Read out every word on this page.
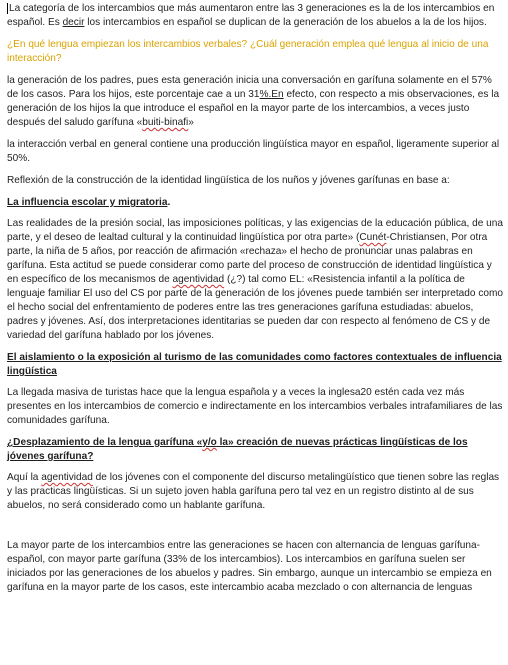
La categoría de los intercambios que más aumentaron entre las 3 generaciones es la de los intercambios en español. Es decir los intercambios en español se duplican de la generación de los abuelos a la de los hijos.

¿En qué lengua empiezan los intercambios verbales? ¿Cuál generación emplea qué lengua al inicio de una interacción?

la generación de los padres, pues esta generación inicia una conversación en garífuna solamente en el 57% de los casos. Para los hijos, este porcentaje cae a un 31%.En efecto, con respecto a mis observaciones, es la generación de los hijos la que introduce el español en la mayor parte de los intercambios, a veces justo después del saludo garífuna «buiti-binafi»

la interacción verbal en general contiene una producción lingüística mayor en español, ligeramente superior al 50%.

Reflexión de la construcción de la identidad lingüística de los nuños y jóvenes garífunas en base a:

La influencia escolar y migratoria.

Las realidades de la presión social, las imposiciones políticas, y las exigencias de la educación pública, de una parte, y el deseo de lealtad cultural y la continuidad lingüística por otra parte» (Cunét-Christiansen, Por otra parte, la niña de 5 años, por reacción de afirmación «rechaza» el hecho de pronunciar unas palabras en garífuna. Esta actitud se puede considerar como parte del proceso de construcción de identidad lingüística y en específico de los mecanismos de agentividad (¿?) tal como EL: «Resistencia infantil a la política de lenguaje familiar El uso del CS por parte de la generación de los jóvenes puede también ser interpretado como el hecho social del enfrentamiento de poderes entre las tres generaciones garífuna estudiadas: abuelos, padres y jóvenes. Así, dos interpretaciones identitarias se pueden dar con respecto al fenómeno de CS y de variedad del garífuna hablado por los jóvenes.

El aislamiento o la exposición al turismo de las comunidades como factores contextuales de influencia lingüística

La llegada masiva de turistas hace que la lengua española y a veces la inglesa20 estén cada vez más presentes en los intercambios de comercio e indirectamente en los intercambios verbales intrafamiliares de las comunidades garífuna.

¿Desplazamiento de la lengua garífuna «y/o la» creación de nuevas prácticas lingüísticas de los jóvenes garífuna?

Aquí la agentividad de los jóvenes con el componente del discurso metalingüístico que tienen sobre las reglas y las practicas lingüísticas. Si un sujeto joven habla garífuna pero tal vez en un registro distinto al de sus abuelos, no será considerado como un hablante garífuna.

La mayor parte de los intercambios entre las generaciones se hacen con alternancia de lenguas garífuna-español, con mayor parte garífuna (33% de los intercambios). Los intercambios en garífuna suelen ser iniciados por las generaciones de los abuelos y padres. Sin embargo, aunque un intercambio se empieza en garífuna en la mayor parte de los casos, este intercambio acaba mezclado o con alternancia de lenguas
